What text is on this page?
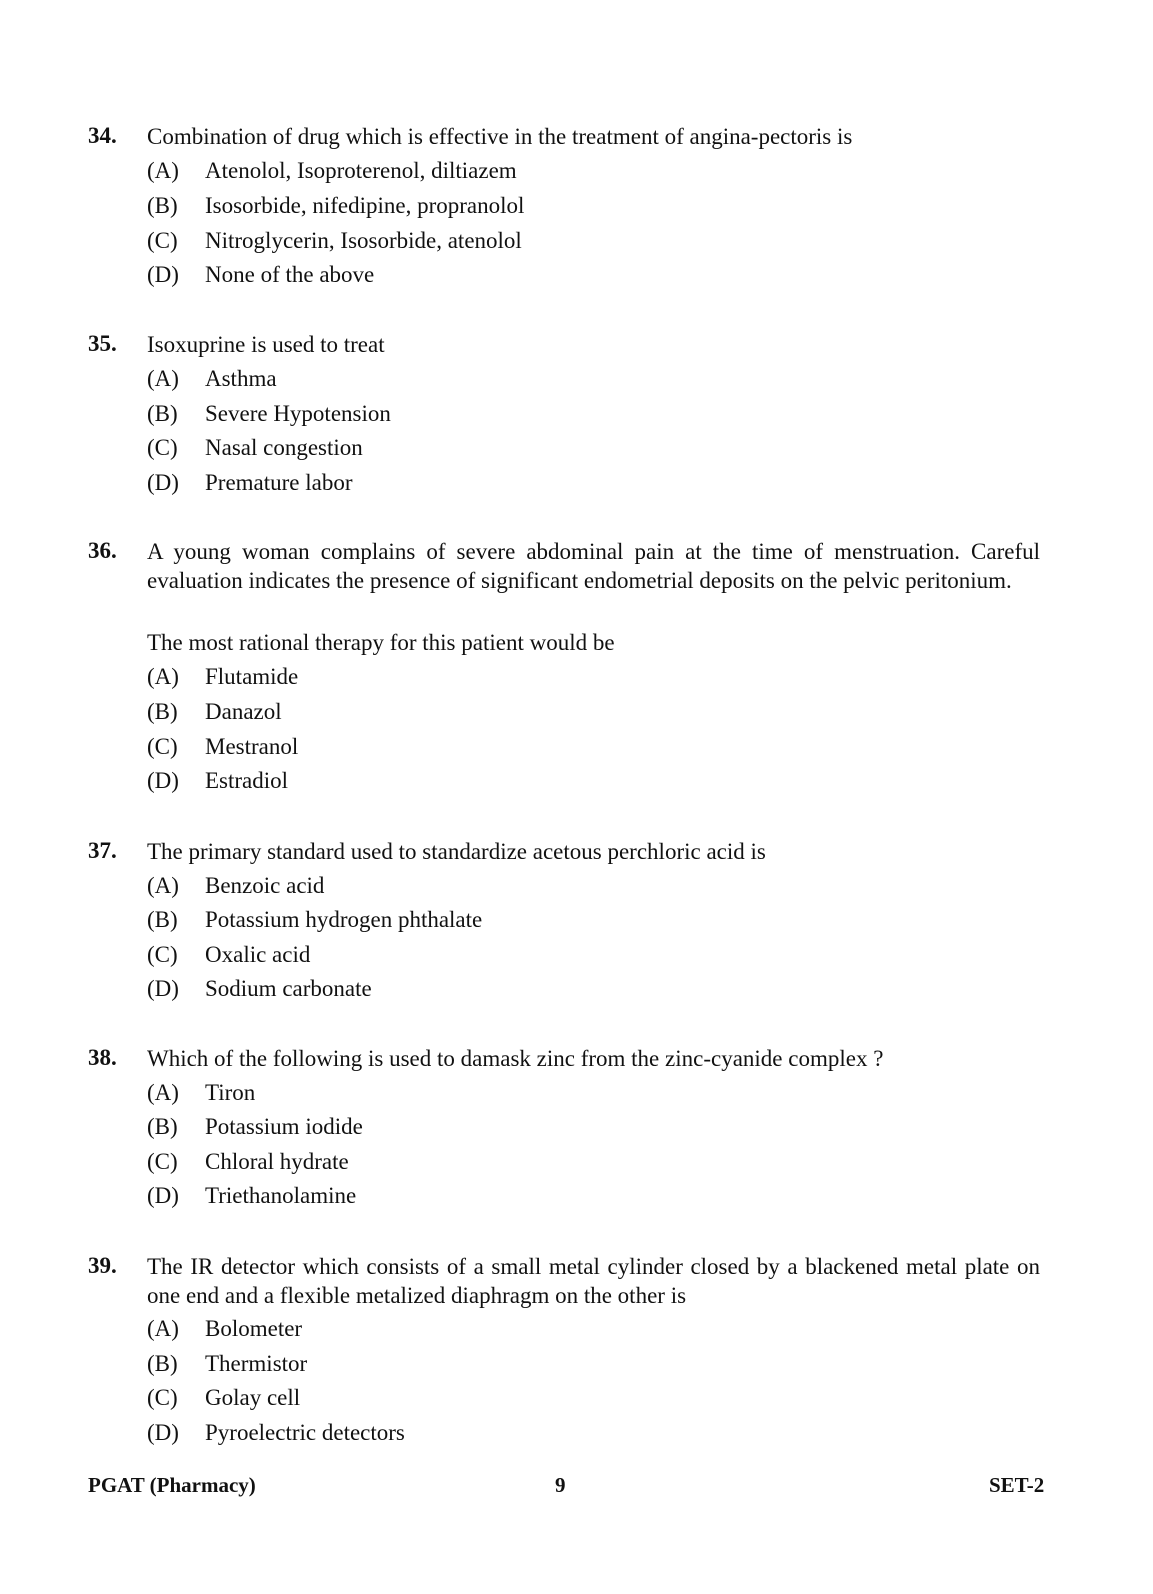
34. Combination of drug which is effective in the treatment of angina-pectoris is
(A)	Atenolol, Isoproterenol, diltiazem
(B)	Isosorbide, nifedipine, propranolol
(C)	Nitroglycerin, Isosorbide, atenolol
(D)	None of the above
35. Isoxuprine is used to treat
(A)	Asthma
(B)	Severe Hypotension
(C)	Nasal congestion
(D)	Premature labor
36. A young woman complains of severe abdominal pain at the time of menstruation. Careful evaluation indicates the presence of significant endometrial deposits on the pelvic peritonium.
The most rational therapy for this patient would be
(A)	Flutamide
(B)	Danazol
(C)	Mestranol
(D)	Estradiol
37. The primary standard used to standardize acetous perchloric acid is
(A)	Benzoic acid
(B)	Potassium hydrogen phthalate
(C)	Oxalic acid
(D)	Sodium carbonate
38. Which of the following is used to damask zinc from the zinc-cyanide complex ?
(A)	Tiron
(B)	Potassium iodide
(C)	Chloral hydrate
(D)	Triethanolamine
39. The IR detector which consists of a small metal cylinder closed by a blackened metal plate on one end and a flexible metalized diaphragm on the other is
(A)	Bolometer
(B)	Thermistor
(C)	Golay cell
(D)	Pyroelectric detectors
PGAT (Pharmacy)	9	SET-2
